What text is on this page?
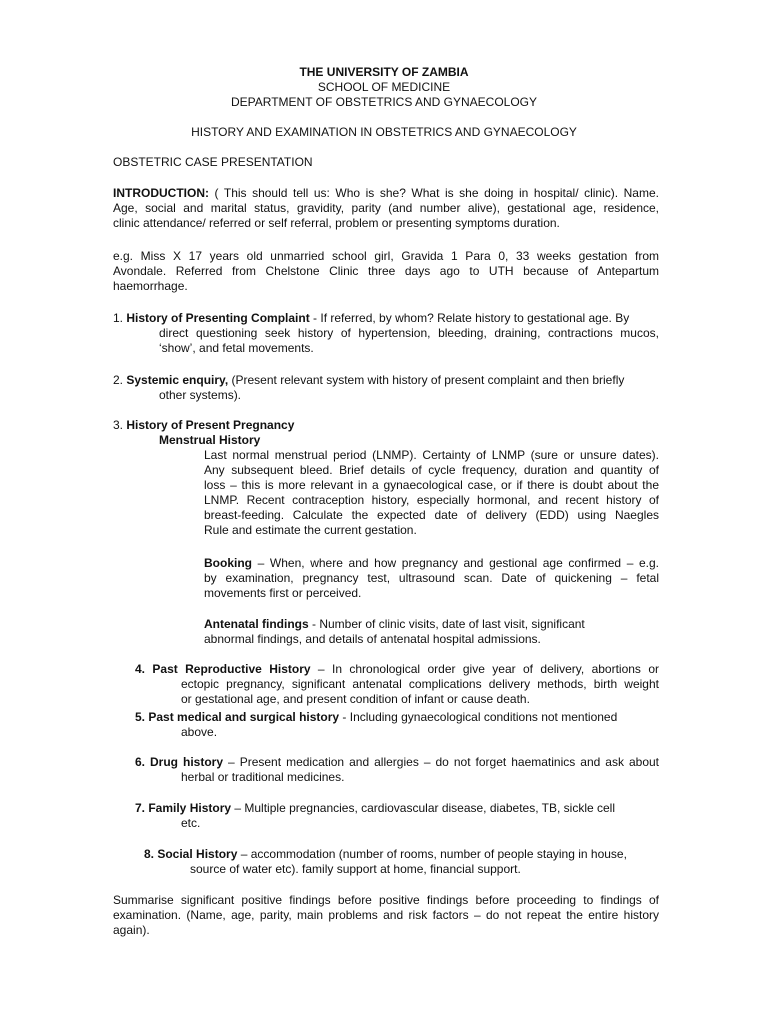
THE UNIVERSITY OF ZAMBIA
SCHOOL OF MEDICINE
DEPARTMENT OF OBSTETRICS AND GYNAECOLOGY
HISTORY AND EXAMINATION IN OBSTETRICS AND GYNAECOLOGY
OBSTETRIC CASE PRESENTATION
INTRODUCTION: ( This should tell us: Who is she? What is she doing in hospital/ clinic). Name.
Age, social and marital status, gravidity, parity (and number alive), gestational age, residence,
clinic attendance/ referred or self referral, problem or presenting symptoms duration.
e.g. Miss X 17 years old unmarried school girl, Gravida 1 Para 0, 33 weeks gestation from
Avondale. Referred from Chelstone Clinic three days ago to UTH because of Antepartum
haemorrhage.
1. History of Presenting Complaint - If referred, by whom? Relate history to gestational age. By
direct questioning seek history of hypertension, bleeding, draining, contractions mucos,
‘show’, and fetal movements.
2. Systemic enquiry, (Present relevant system with history of present complaint and then briefly
other systems).
3. History of Present Pregnancy
Menstrual History
Last normal menstrual period (LNMP). Certainty of LNMP (sure or unsure dates).
Any subsequent bleed. Brief details of cycle frequency, duration and quantity of
loss – this is more relevant in a gynaecological case, or if there is doubt about the
LNMP. Recent contraception history, especially hormonal, and recent history of
breast-feeding. Calculate the expected date of delivery (EDD) using Naegles
Rule and estimate the current gestation.
Booking – When, where and how pregnancy and gestional age confirmed – e.g.
by examination, pregnancy test, ultrasound scan. Date of quickening – fetal
movements first or perceived.
Antenatal findings - Number of clinic visits, date of last visit, significant
abnormal findings, and details of antenatal hospital admissions.
4. Past Reproductive History – In chronological order give year of delivery, abortions or
ectopic pregnancy, significant antenatal complications delivery methods, birth weight
or gestational age, and present condition of infant or cause death.
5. Past medical and surgical history - Including gynaecological conditions not mentioned
above.
6. Drug history – Present medication and allergies – do not forget haematinics and ask about
herbal or traditional medicines.
7. Family History – Multiple pregnancies, cardiovascular disease, diabetes, TB, sickle cell
etc.
8. Social History – accommodation (number of rooms, number of people staying in house,
source of water etc). family support at home, financial support.
Summarise significant positive findings before positive findings before proceeding to findings of
examination. (Name, age, parity, main problems and risk factors – do not repeat the entire history
again).
